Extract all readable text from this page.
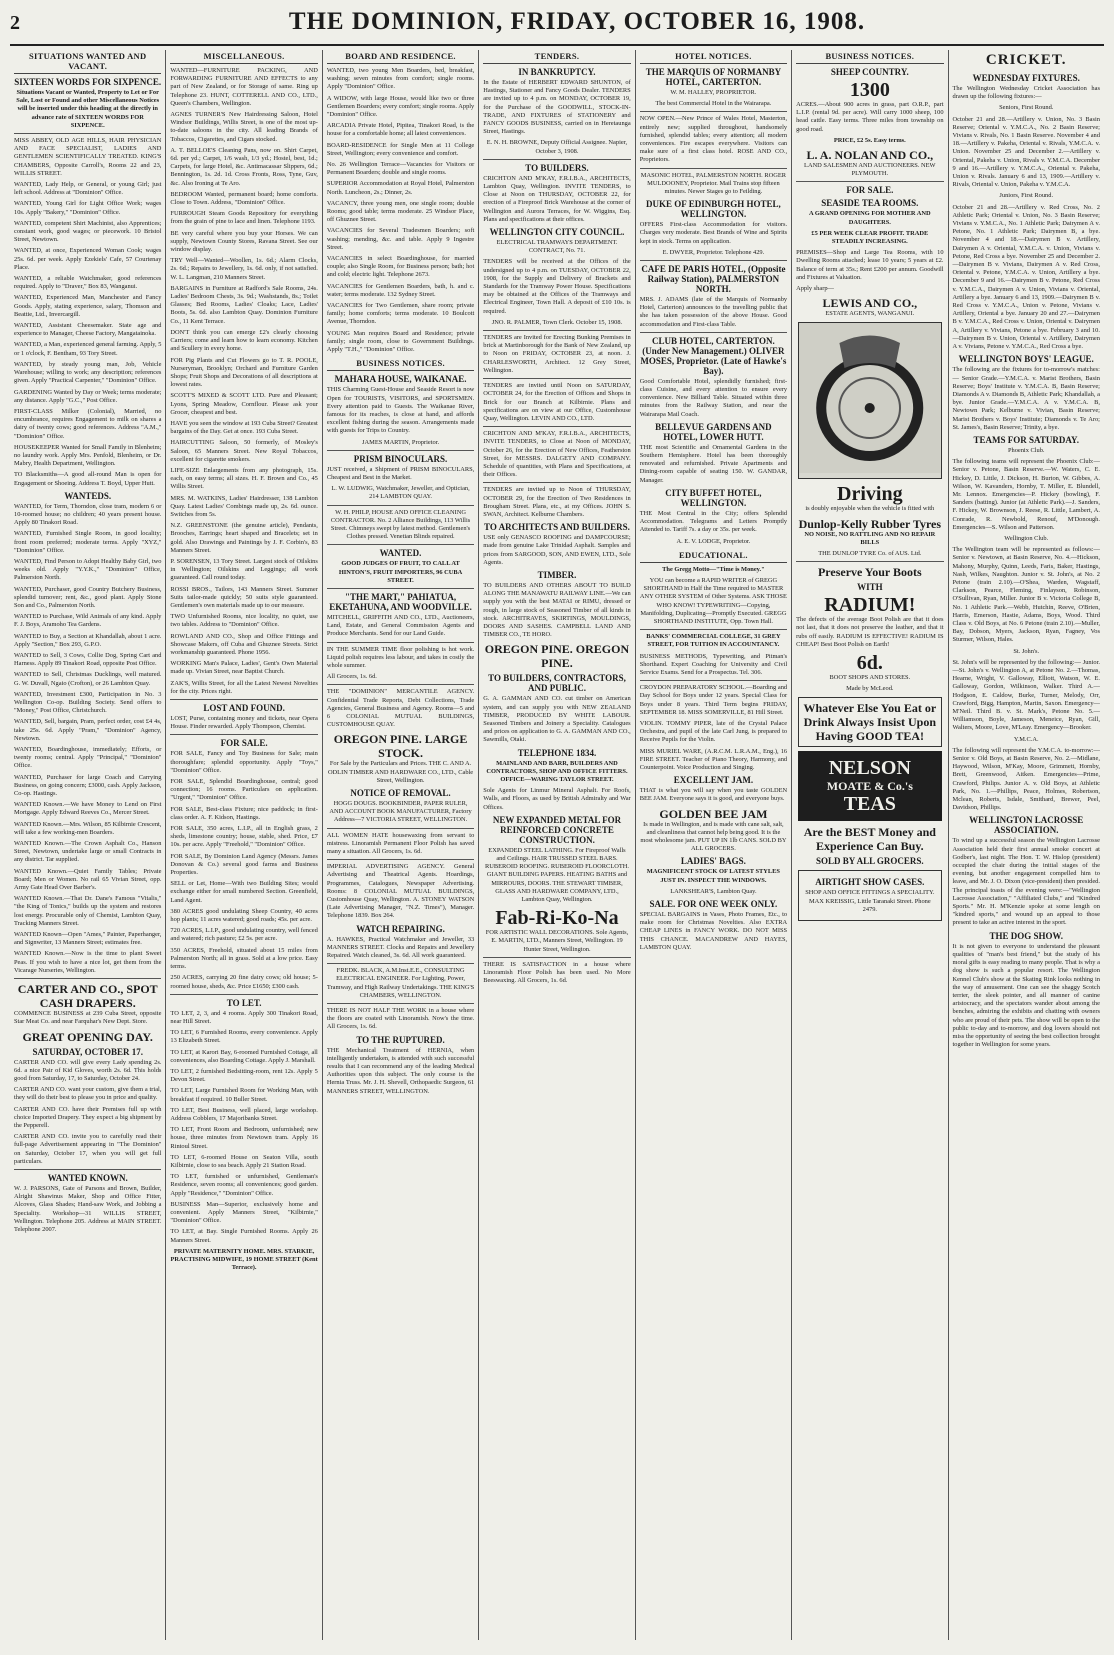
2	THE DOMINION, FRIDAY, OCTOBER 16, 1908.
SITUATIONS WANTED AND VACANT.
SIXTEEN WORDS FOR SIXPENCE.

Situations Vacant or Wanted, Property to Let or For Sale, Lost or Found and other Miscellaneous Notices will be inserted under this heading at the directly in advance rate of SIXTEEN WORDS FOR SIXPENCE.

MISS ABBEY, OLD AGE HILLS, HAIR PHYSICIAN AND FACE SPECIALIST, LADIES AND GENTLEMEN SCIENTIFICALLY TREATED. KING'S CHAMBERS, Opposite Carroll's, Rooms 22 and 23, WILLIS STREET.

WANTED, Lady Help, or General, or young Girl; just left school. Address at "Dominion" Office.

WANTED, Young Girl for Light Office Work; wages 10s. Apply "Bakery," "Dominion" Office.

WANTED, competent Shirt Machinist, also Apprentices; constant work, good wages; or piecework. 10 Bristol Street, Newtown.

WANTED, at once, Experienced Woman Cook; wages 25s. 6d. per week. Apply Ezekiels' Cafe, 57 Courtenay Place.

WANTED, a reliable Watchmaker, good references required. Apply to "Draver," Box 83, Wanganui.

WANTED, Experienced Man, Manchester and Fancy Goods. Apply, stating experience, salary, Thomson and Beattie, Ltd., Invercargill.

WANTED, Assistant Cheesemaker. State age and experience to Manager, Cheese Factory, Mangatainoka.

WANTED, a Man, experienced general farming. Apply, 5 or 1 o'clock, F. Bentham, 93 Tory Street.

WANTED, by steady young man, Job, Vehicle Warehouse; willing to work; any description; references given. Apply "Practical Carpenter," "Dominion" Office.

GARDENING Wanted by Day or Week; terms moderate; any distance. Apply "G.C.," Post Office.

FIRST-CLASS Milker (Colonial), Married, no encumbrance, requires Engagement to milk on shares a dairy of twenty cows; good references. Address "A.M.," "Dominion" Office.

HOUSEKEEPER Wanted for Small Family in Blenheim; no laundry work. Apply Mrs. Penfold, Blenheim, or Dr. Mabry, Health Department, Wellington.

TO Blacksmiths—A good all-round Man is open for Engagement or Shoeing. Address T. Boyd, Upper Hutt.

WANTEDS.

WANTED, for Term, Thorndon, close tram, modern 6 or 10-roomed house; no children; 40 years present house. Apply 80 Tinakori Road.

WANTED, Furnished Single Room, in good locality; front room preferred; moderate terms. Apply "XYZ," "Dominion" Office.

WANTED, Find Person to Adopt Healthy Baby Girl, two weeks old. Apply "Y.Y.K.," "Dominion" Office, Palmerston North.

WANTED, Purchaser, good Country Butchery Business, splendid turnover; rent, &c., good plant. Apply Stone Son and Co., Palmerston North.

WANTED to Purchase, Wild Animals of any kind. Apply F. J. Boys, Aramoho Tea Gardens.

WANTED to Buy, a Section at Khandallah, about 1 acre. Apply "Section," Box 293, G.P.O.

WANTED to Sell, 3 Cows, Collie Dog, Spring Cart and Harness. Apply 89 Tinakori Road, opposite Post Office.

WANTED to Sell, Christmas Ducklings, well matured. G. W. Duvall, Ngaio (Crofton), or 26 Lambton Quay.

WANTED, Investment £300, Participation in No. 3 Wellington Co-op. Building Society. Send offers to "Money," Post Office, Christchurch.

WANTED, Sell, bargain, Pram, perfect order, cost £4 4s, take 25s. 6d. Apply "Pram," "Dominion" Agency, Newtown.

WANTED, Boardinghouse, immediately; Efforts, or twenty rooms; central. Apply "Principal," "Dominion" Office.

WANTED, Purchaser for large Coach and Carrying Business, on going concern; £3000, cash. Apply Jackson, Co-op. Hastings.

WANTED Known.—We have Money to Lend on First Mortgage. Apply Edward Reeves Co., Mercer Street.

WANTED Known.—Mrs. Wilson, 85 Kilbirnie Crescent, will take a few working-men Boarders.

WANTED Known.—The Crown Asphalt Co., Hanson Street, Newtown, undertake large or small Contracts in any district. Tar supplied.

WANTED Known.—Quiet Family Tables; Private Board; Men or Women. No rail 65 Vivian Street, opp. Army Gate Head Over Barber's.

WANTED Known.—That Dr. Dane's Famous "Vitalis," "the King of Tonics," builds up the system and restores lost energy. Procurable only of Chemist, Lambton Quay, Tracking Manners Street.

WANTED Known—Open "Ames," Painter, Paperhanger, and Signwriter, 13 Manners Street; estimates free.

WANTED Known.—Now is the time to plant Sweet Peas. If you wish to have a nice lot, get them from the Vicarage Nurseries, Wellington.

CARTER AND CO., SPOT CASH DRAPERS.

COMMENCE BUSINESS at 239 Cuba Street, opposite Star Meat Co. and near Farquhar's New Dept. Store.

GREAT OPENING DAY.
SATURDAY, OCTOBER 17.

CARTER AND CO. will give every Lady spending 2s. 6d. a nice Pair of Kid Gloves, worth 2s. 6d. This holds good from Saturday, 17, to Saturday, October 24.

CARTER AND CO. want your custom, give them a trial, they will do their best to please you in price and quality.

CARTER AND CO. have their Premises full up with choice Imported Drapery. They expect a big shipment by the Pepperell.

CARTER AND CO. invite you to carefully read their full-page Advertisement appearing in "The Dominion" on Saturday, October 17, when you will get full particulars.

WANTED KNOWN.

W. J. PARSONS, Gate of Parsons and Brown, Builder, Alright Shawinus Maker, Shop and Office Fitter, Alcoves, Glass Shades; Hand-saw Work, and Jobbing a Speciality. Workshop—31 WILLIS STREET, Wellington. Telephone 205. Address at MAIN STREET. Telephone 2007.

MISCELLANEOUS.

WANTED—FURNITURE PACKING, AND FORWARDING FURNITURE AND EFFECTS to any part of New Zealand, or for Storage of same. Ring up Telephone 23. HUNT, COTTERELL AND CO., LTD., Queen's Chambers, Wellington.

AGNES TURNER'S New Hairdressing Saloon, Hotel Windsor Buildings, Willis Street, is one of the most up-to-date saloons in the city. All leading Brands of Tobaccos, Cigarettes, and Cigars stocked.

A. T. BELLOE'S Cleaning Pans, now on. Shirt Carpet, 6d. per yd.; Carpet, 1/6 wash, 1/3 yd.; Hostel, best, 1d.; Carpets, for large Hotel, &c. Antimacassar Slippers, 6d.; Bennington, 1s. 2d. 1d. Cross Fronts, Ross, Tyne, Guv, &c. Also Ironing at Te Aro.

BEDROOM Wanted, permanent board; home comforts. Close to Town. Address, "Dominion" Office.

FURROUGH Steam Goods Repository for everything from the grain of pine to lace and linen. Telephone 1193.

BE very careful where you buy your Horses. We can supply, Newtown County Stores, Ravana Street. See our window display.

TRY Well—Wanted—Woollen, 1s. 6d.; Alarm Clocks, 2s. 6d.; Repairs to Jewellery, 1s. 6d. only, if not satisfied. W. L. Langman, 210 Manners Street.

BARGAINS in Furniture at Radford's Sale Rooms, 24s. Ladies' Bedroom Chests, 3s. 9d.; Washstands, 8s.; Toilet Glasses; Bed Rooms, Ladies' Cloaks; Lace, Ladies' Boots, 5s. 6d. also Lambton Quay. Dominion Furniture Co., 11 Kent Terrace.

DON'T think you can emerge £2's clearly choosing Carriers; come and learn how to learn economy. Kitchen and Scullery in every home.

FOR Pig Plants and Cut Flowers go to T. R. POOLE, Nurseryman, Brooklyn; Orchard and Furniture Garden Shops; Fruit Shops and Decorations of all descriptions at lowest rates.

SCOTT'S MIXED & SCOTT LTD. Pure and Pleasant; Lyons, Spring Meadow, Cornflour. Please ask your Grocer, cheapest and best.

HAVE you seen the window at 193 Cuba Street? Greatest bargains of the Day. Get at once. 193 Cuba Street.

HAIRCUTTING Saloon, 50 formerly, of Mosley's Saloon, 65 Manners Street. New Royal Tobaccos, excellent for cigarette smokers.

LIFE-SIZE Enlargements from any photograph, 15s. each, on easy terms; all sizes. H. F. Brown and Co., 45 Willis Street.

MRS. M. WATKINS, Ladies' Hairdresser, 138 Lambton Quay. Latest Ladies' Combings made up, 2s. 6d. ounce. Switches from 5s.

N.Z. GREENSTONE (the genuine article), Pendants, Brooches, Earrings; heart shaped and Bracelets; set in gold. Also Drawings and Paintings by J. F. Corbin's, 83 Manners Street.

P. SORENSEN, 13 Tory Street. Largest stock of Oilskins in Wellington; Oilskins and Leggings; all work guaranteed. Call round today.

ROSSI BROS., Tailors, 143 Manners Street. Summer Suits tailor-made quickly; 50 suits style guaranteed. Gentlemen's own materials made up to our measure.

TWO Unfurnished Rooms, nice locality, no quiet, use two tables. Address to "Dominion" Office.

ROWLAND AND CO., Shop and Office Fittings and Showcase Makers, off Cuba and Ghuznee Streets. Strict workmanship guaranteed. Phone 1956.

WORKING Man's Palace, Ladies', Gent's Own Material made up. Vivian Street, near Baptist Church.

ZAK'S, Willis Street, for all the Latest Newest Novelties for the city. Prices right.

LOST AND FOUND.

LOST, Purse, containing money and tickets, near Opera House. Finder rewarded. Apply Thompson, Chemist.

FOR SALE.

FOR SALE, Fancy and Toy Business for Sale; main thoroughfare; splendid opportunity. Apply "Toys," "Dominion" Office.

FOR SALE, Splendid Boardinghouse, central; good connection; 16 rooms. Particulars on application. "Urgent," "Dominion" Office.

FOR SALE, Best-class Fixture; nice paddock; in first-class order. A. F. Kidson, Hastings.

FOR SALE, 350 acres, L.I.P., all in English grass, 2 sheds, limestone country; house, stable, shed. Price, £7 10s. per acre. Apply "Freehold," "Dominion" Office.

FOR SALE, By Dominion Land Agency (Messrs. James Donovan & Co.) several good farms and Business Properties.

SELL or Let, Home—With two Building Sites; would exchange either for small numbered Section. Greenfield, Land Agent.

380 ACRES good undulating Sheep Country, 40 acres hop plants; 11 acres watered; good roads; 45s. per acre.

720 ACRES, L.I.P., good undulating country, well fenced and watered; rich pasture; £2 5s. per acre.

350 ACRES, Freehold, situated about 15 miles from Palmerston North; all in grass. Sold at a low price. Easy terms.

250 ACRES, carrying 20 fine dairy cows; old house; 5-roomed house, sheds, &c. Price £1650; £300 cash.

TO LET.

TO LET, 2, 3, and 4 rooms. Apply 300 Tinakori Road, near Hill Street.

TO LET, 6 Furnished Rooms, every convenience. Apply 13 Elizabeth Street.

TO LET, at Karori Bay, 6-roomed Furnished Cottage, all conveniences, also Boarding Cottage. Apply J. Marshall.

TO LET, 2 furnished Bedsitting-room, rent 12s. Apply 5 Devon Street.

TO LET, Large Furnished Room for Working Man, with breakfast if required. 10 Buller Street.

TO LET, Best Business, well placed, large workshop. Address Cobblers, 17 Majoribanks Street.

TO LET, Front Room and Bedroom, unfurnished; new house, three minutes from Newtown tram. Apply 16 Rintoul Street.

TO LET, 6-roomed House on Seaton Villa, south Kilbirnie, close to sea beach. Apply 21 Station Road.

TO LET, furnished or unfurnished, Gentleman's Residence, seven rooms; all conveniences; good garden. Apply "Residence," "Dominion" Office.

BUSINESS Man—Superior, exclusively home and convenient. Apply Manners Street, "Kilbirnie," "Dominion" Office.

TO LET, at Bay. Single Furnished Rooms. Apply 26 Manners Street.

PRIVATE MATERNITY HOME. MRS. STARKIE, PRACTISING MIDWIFE, 19 HOME STREET (Kent Terrace).

BOARD AND RESIDENCE.

WANTED, two young Men Boarders, bed, breakfast, washing; seven minutes from comfort; single rooms. Apply "Dominion" Office.

A WIDOW, with large House, would like two or three Gentlemen Boarders; every comfort; single rooms. Apply "Dominion" Office.

ARCADIA Private Hotel, Pipitea, Tinakori Road, is the house for a comfortable home; all latest conveniences.

BOARD-RESIDENCE for Single Men at 11 College Street, Wellington; every convenience and comfort.

No. 26 Wellington Terrace—Vacancies for Visitors or Permanent Boarders; double and single rooms.

SUPERIOR Accommodation at Royal Hotel, Palmerston North. Luncheon, 2s.; Dinner, 2s.

VACANCY, three young men, one single room; double Rooms; good table; terms moderate. 25 Windsor Place, off Ghuznee Street.

VACANCIES for Several Tradesmen Boarders; soft washing; mending, &c. and table. Apply 9 Ingestre Street.

VACANCIES in select Boardinghouse, for married couple; also Single Room, for Business person; bath; hot and cold; electric light. Telephone 2673.

VACANCIES for Gentlemen Boarders, bath, h. and c. water; terms moderate. 132 Sydney Street.

VACANCIES for Two Gentlemen, share room; private family; home comforts; terms moderate. 10 Boulcott Avenue, Thorndon.

YOUNG Man requires Board and Residence; private family; single room, close to Government Buildings. Apply "T.H.," "Dominion" Office.

BUSINESS NOTICES.
MAHARA HOUSE, WAIKANAE.

THIS Charming Guest-House and Seaside Resort is now Open for TOURISTS, VISITORS, and SPORTSMEN. Every attention paid to Guests. The Waikanae River, famous for its reaches, is close at hand, and affords excellent fishing during the season. Arrangements made with guests for Trips to Country.

JAMES MARTIN, Proprietor.

PRISM BINOCULARS.

JUST received, a Shipment of PRISM BINOCULARS, Cheapest and Best in the Market.

L. W. LUDWIG, Watchmaker, Jeweller, and Optician, 214 LAMBTON QUAY.

W. H. PHILP, HOUSE AND OFFICE CLEANING CONTRACTOR. No. 2 Alliance Buildings, 113 Willis Street. Chimneys swept by latest method. Gentlemen's Clothes pressed. Venetian Blinds repaired.

WANTED.

GOOD JUDGES OF FRUIT, TO CALL AT HINTON'S, FRUIT IMPORTERS, 96 CUBA STREET.

"THE MART," PAHIATUA, EKETAHUNA, AND WOODVILLE.

MITCHELL, GRIFFITH AND CO., LTD., Auctioneers, Land, Estate, and General Commission Agents and Produce Merchants. Send for our Land Guide.

IN THE SUMMER TIME floor polishing is hot work. Liquid polish requires less labour, and takes in costly the whole summer.

All Grocers, 1s. 6d.

THE "DOMINION" MERCANTILE AGENCY. Confidential Trade Reports, Debt Collections, Trade Agencies, General Business and Agency. Rooms—5 and 6 COLONIAL MUTUAL BUILDINGS, CUSTOMHOUSE QUAY.

OREGON PINE. LARGE STOCK.

For Sale by the Particulars and Prices. THE C. AND A. ODLIN TIMBER AND HARDWARE CO., LTD., Cable Street, Wellington.

NOTICE OF REMOVAL.

HOGG DOUGS. BOOKBINDER, PAPER RULER, AND ACCOUNT BOOK MANUFACTURER, Factory Address—7 VICTORIA STREET, WELLINGTON.

ALL WOMEN HATE housewaxing from servant to mistress. Linoramish Permanent Floor Polish has saved many a situation. All Grocers, 1s. 6d.

IMPERIAL ADVERTISING AGENCY. General Advertising and Theatrical Agents. Hoardings, Programmes, Catalogues, Newspaper Advertising. Rooms: 8 COLONIAL MUTUAL BUILDINGS, Customhouse Quay, Wellington. A. STONEY WATSON (Late Advertising Manager, "N.Z. Times"), Manager. Telephone 1839. Box 264.

WATCH REPAIRING.

A. HAWKES, Practical Watchmaker and Jeweller, 33 MANNERS STREET. Clocks and Repairs and Jewellery Repaired. Watch cleaned, 3s. 6d. All work guaranteed.

FREDK. BLACK, A.M.Inst.E.E., CONSULTING ELECTRICAL ENGINEER. For Lighting, Power, Tramway, and High Railway Undertakings. THE KING'S CHAMBERS, WELLINGTON.

THERE IS NOT HALF THE WORK in a house where the floors are coated with Linoramish. Now's the time. All Grocers, 1s. 6d.

TO THE RUPTURED.

THE Mechanical Treatment of HERNIA, when intelligently undertaken, is attended with such successful results that I can recommend any of the leading Medical Authorities upon this subject. The only course is the Hernia Truss. Mr. J. H. Shevell, Orthopaedic Surgeon, 61 MANNERS STREET, WELLINGTON.

TENDERS.
IN BANKRUPTCY.

In the Estate of HERBERT EDWARD SHUNTON, of Hastings, Stationer and Fancy Goods Dealer. TENDERS are invited up to 4 p.m. on MONDAY, OCTOBER 19, for the Purchase of the GOODWILL, STOCK-IN-TRADE, AND FIXTURES of STATIONERY and FANCY GOODS BUSINESS, carried on in Heretaunga Street, Hastings.

E. N. H. BROWNE, Deputy Official Assignee. Napier, October 3, 1908.

TO BUILDERS.

CRICHTON AND M'KAY, F.R.I.B.A., ARCHITECTS, Lambton Quay, Wellington. INVITE TENDERS, to Close at Noon on THURSDAY, OCTOBER 22, for erection of a Fireproof Brick Warehouse at the corner of Wellington and Aurora Terraces, for W. Wiggins, Esq. Plans and specifications at their offices.

WELLINGTON CITY COUNCIL.

ELECTRICAL TRAMWAYS DEPARTMENT. CONTRACT, No. 71.

TENDERS will be received at the Offices of the undersigned up to 4 p.m. on TUESDAY, OCTOBER 22, 1908, for the Supply and Delivery of Brackets and Standards for the Tramway Power House. Specifications may be obtained at the Offices of the Tramways and Electrical Engineer, Town Hall. A deposit of £10 10s. is required.

JNO. R. PALMER, Town Clerk. October 15, 1908.

TENDERS are Invited for Erecting Bunking Premises in brick at Martinborough for the Bank of New Zealand, up to Noon on FRIDAY, OCTOBER 23, at noon. J. CHARLESWORTH, Architect. 12 Grey Street, Wellington.

TENDERS are invited until Noon on SATURDAY, OCTOBER 24, for the Erection of Offices and Shops in Brick for our Branch at Kilbirnie. Plans and specifications are on view at our Office, Customhouse Quay, Wellington. LEVIN AND CO., LTD.

CRICHTON AND M'KAY, F.R.I.B.A., ARCHITECTS, INVITE TENDERS, to Close at Noon of MONDAY, October 26, for the Erection of New Offices, Featherston Street, for MESSRS. DALGETY AND COMPANY. Schedule of quantities, with Plans and Specifications, at their Offices.

TENDERS are invited up to Noon of THURSDAY, OCTOBER 29, for the Erection of Two Residences in Brougham Street. Plans, etc., at my Offices. JOHN S. SWAN, Architect. Kelburne Chambers.

TO ARCHITECTS AND BUILDERS.

USE only GENASCO ROOFING and DAMPCOURSE; made from genuine Lake Trinidad Asphalt. Samples and prices from SARGOOD, SON, AND EWEN, LTD., Sole Agents.

TIMBER.

TO BUILDERS AND OTHERS ABOUT TO BUILD ALONG THE MANAWATU RAILWAY LINE.—We can supply you with the best MATAI or RIMU, dressed or rough, in large stock of Seasoned Timber of all kinds in stock. ARCHITRAVES, SKIRTINGS, MOULDINGS, DOORS AND SASHES. CAMPBELL LAND AND TIMBER CO., TE HORO.

OREGON PINE. OREGON PINE.
TO BUILDERS, CONTRACTORS, AND PUBLIC.

G. A. GAMMAN AND CO. cut timber on American system, and can supply you with NEW ZEALAND TIMBER, PRODUCED BY WHITE LABOUR. Seasoned Timbers and Joinery a Speciality. Catalogues and prices on application to G. A. GAMMAN AND CO., Sawmills, Otaki.

TELEPHONE 1834.

MAINLAND AND BARR, BUILDERS AND CONTRACTORS, SHOP AND OFFICE FITTERS. OFFICE—WARING TAYLOR STREET.

Sole Agents for Linmur Mineral Asphalt. For Roofs, Walls, and Floors, as used by British Admiralty and War Offices.

NEW EXPANDED METAL FOR REINFORCED CONCRETE CONSTRUCTION.

EXPANDED STEEL LATHING. For Fireproof Walls and Ceilings. HAIR TRUSSED STEEL BARS. RUBEROID ROOFING. RUBEROID FLOORCLOTH. GIANT BUILDING PAPERS. HEATING BATHS and MIRROURS, DOORS. THE STEWART TIMBER, GLASS AND HARDWARE COMPANY, LTD., Lambton Quay, Wellington.

Fab-Ri-Ko-Na

FOR ARTISTIC WALL DECORATIONS. Sole Agents, E. MARTIN, LTD., Manners Street, Wellington. 19 Hunter Street, Wellington.

THERE IS SATISFACTION in a house where Linoramish Floor Polish has been used. No More Beeswaxing. All Grocers, 1s. 6d.

HOTEL NOTICES.
THE MARQUIS OF NORMANBY HOTEL, CARTERTON.

W. M. HALLEY, PROPRIETOR.

The best Commercial Hotel in the Wairarapa.

NOW OPEN.—New Prince of Wales Hotel, Masterton, entirely new; supplied throughout, handsomely furnished, splendid tables; every attention; all modern conveniences. Fire escapes everywhere. Visitors can make sure of a first class hotel. ROSE AND CO., Proprietors.

MASONIC HOTEL, PALMERSTON NORTH. ROGER MULDOONEY, Proprietor. Mail Trains stop fifteen minutes. Newer Stages go to Feilding.

DUKE OF EDINBURGH HOTEL, WELLINGTON.

OFFERS First-class Accommodation for visitors. Charges very moderate. Best Brands of Wine and Spirits kept in stock. Terms on application.

E. DWYER, Proprietor. Telephone 429.

CAFE DE PARIS HOTEL, (Opposite Railway Station), PALMERSTON NORTH.

MRS. J. ADAMS (late of the Marquis of Normanby Hotel, Carterton) announces to the travelling public that she has taken possession of the above House. Good accommodation and First-class Table.

CLUB HOTEL, CARTERTON. (Under New Management.) OLIVER MOSES, Proprietor. (Late of Hawke's Bay).

Good Comfortable Hotel, splendidly furnished; first-class Cuisine, and every attention to ensure every convenience. New Billiard Table. Situated within three minutes from the Railway Station, and near the Wairarapa Mail Coach.

BELLEVUE GARDENS AND HOTEL, LOWER HUTT.

THE most Scientific and Ornamental Gardens in the Southern Hemisphere. Hotel has been thoroughly renovated and refurnished. Private Apartments and Dining-room capable of seating 150. W. GANDAR, Manager.

CITY BUFFET HOTEL, WELLINGTON.

THE Most Central in the City; offers Splendid Accommodation. Telegrams and Letters Promptly Attended to. Tariff 7s. a day or 35s. per week.

A. E. V. LODGE, Proprietor.

EDUCATIONAL.

The Gregg Motto—"Time is Money."

YOU can become a RAPID WRITER of GREGG SHORTHAND in Half the Time required to MASTER ANY OTHER SYSTEM of Other Systems. ASK THOSE WHO KNOW! TYPEWRITING—Copying, Manifolding, Duplicating—Promptly Executed. GREGG SHORTHAND INSTITUTE, Opp. Town Hall.

BANKS' COMMERCIAL COLLEGE, 31 GREY STREET, FOR TUITION IN ACCOUNTANCY.

BUSINESS METHODS, Typewriting, and Pitman's Shorthand. Expert Coaching for University and Civil Service Exams. Send for a Prospectus. Tel. 306.

CROYDON PREPARATORY SCHOOL.—Boarding and Day School for Boys under 12 years. Special Class for Boys under 8 years. Third Term begins FRIDAY, SEPTEMBER 18. MISS SOMERVILLE, 81 Hill Street.

VIOLIN. TOMMY PIPER, late of the Crystal Palace Orchestra, and pupil of the late Carl Jung, is prepared to Receive Pupils for the Violin.

MISS MURIEL WARE, (A.R.C.M. L.R.A.M., Eng.), 16 FIRE STREET. Teacher of Piano Theory, Harmony, and Counterpoint. Voice Production and Singing.

EXCELLENT JAM.

THAT is what you will say when you taste GOLDEN BEE JAM. Everyone says it is good, and everyone buys.

GOLDEN BEE JAM

Is made in Wellington, and is made with cane salt, salt, and cleanliness that cannot help being good. It is the most wholesome jam. PUT UP IN 1lb CANS. SOLD BY ALL GROCERS.

LADIES' BAGS.

MAGNIFICENT STOCK OF LATEST STYLES JUST IN. INSPECT THE WINDOWS.

LANKSHEAR'S, Lambton Quay.

SALE. FOR ONE WEEK ONLY.

SPECIAL BARGAINS in Vases, Photo Frames, Etc., to make room for Christmas Novelties. Also EXTRA CHEAP LINES in FANCY WORK. DO NOT MISS THIS CHANCE. MACANDREW AND HAYES, LAMBTON QUAY.

BUSINESS NOTICES.
SHEEP COUNTRY.
1300

ACRES.—About 900 acres in grass, part O.R.P., part L.I.P. (rental 9d. per acre). Will carry 1000 sheep, 100 head cattle. Easy terms. Three miles from township on good road.

PRICE, £2 5s. Easy terms.

L. A. NOLAN AND CO.,

LAND SALESMEN AND AUCTIONEERS. NEW PLYMOUTH.

FOR SALE.
SEASIDE TEA ROOMS.

A GRAND OPENING FOR MOTHER AND DAUGHTERS.

£5 PER WEEK CLEAR PROFIT. TRADE STEADILY INCREASING.

PREMISES—Shop and Large Tea Rooms, with 10 Dwelling Rooms attached; lease 10 years; 5 years at £2. Balance of term at 35s.; Rent £200 per annum. Goodwill and Fixtures at Valuation.

Apply sharp—

LEWIS AND CO.,

ESTATE AGENTS, WANGANUI.

Driving

is doubly enjoyable when the vehicle is fitted with

Dunlop-Kelly Rubber Tyres

NO NOISE, NO RATTLING AND NO REPAIR BILLS

THE DUNLOP TYRE Co. of AUS. Ltd.

Preserve Your Boots
WITH
RADIUM!

The defects of the average Boot Polish are that it does not last, that it does not preserve the leather, and that it rubs off easily. RADIUM IS EFFECTIVE! RADIUM IS CHEAP! Best Boot Polish on Earth!

6d.

BOOT SHOPS AND STORES.

Made by McLeod.

Whatever Else You Eat or Drink Always Insist Upon Having GOOD TEA!
NELSON
MOATE & Co.'s
TEAS
Are the BEST Money and Experience Can Buy.
SOLD BY ALL GROCERS.
AIRTIGHT SHOW CASES.

SHOP AND OFFICE FITTINGS A SPECIALITY. MAX KREISSIG, Little Taranaki Street. Phone 2479.

CRICKET.
WEDNESDAY FIXTURES.

The Wellington Wednesday Cricket Association has drawn up the following fixtures:—

Seniors, First Round.

October 21 and 28.—Artillery v. Union, No. 3 Basin Reserve; Oriental v. Y.M.C.A., No. 2 Basin Reserve; Vivians v. Rivals, No. 1 Basin Reserve. November 4 and 18.—Artillery v. Pakeha, Oriental v. Rivals, Y.M.C.A. v. Union. November 25 and December 2.—Artillery v. Oriental, Pakeha v. Union, Rivals v. Y.M.C.A. December 9 and 16.—Artillery v. Y.M.C.A., Oriental v. Pakeha, Union v. Rivals. January 6 and 13, 1909.—Artillery v. Rivals, Oriental v. Union, Pakeha v. Y.M.C.A.

Juniors, First Round.

October 21 and 28.—Artillery v. Red Cross, No. 2 Athletic Park; Oriental v. Union, No. 3 Basin Reserve; Vivians v. Y.M.C.A., No. 1 Athletic Park; Dairymen A v. Petone, No. 1 Athletic Park; Dairymen B, a bye. November 4 and 18.—Dairymen B v. Artillery, Dairymen A v. Oriental, Y.M.C.A. v. Union, Vivians v. Petone, Red Cross a bye. November 25 and December 2.—Dairymen B v. Vivians, Dairymen A v. Red Cross, Oriental v. Petone, Y.M.C.A. v. Union, Artillery a bye. December 9 and 16.—Dairymen B v. Petone, Red Cross v. Y.M.C.A., Dairymen A v. Union, Vivians v. Oriental, Artillery a bye. January 6 and 13, 1909.—Dairymen B v. Red Cross v. Y.M.C.A., Union v. Petone, Vivians v. Artillery, Oriental a bye. January 20 and 27.—Dairymen B v. Y.M.C.A., Red Cross v. Union, Oriental v. Dairymen A, Artillery v. Vivians, Petone a bye. February 3 and 10.—Dairymen B v. Union, Oriental v. Artillery, Dairymen A v. Vivians, Petone v. Y.M.C.A., Red Cross a bye.

WELLINGTON BOYS' LEAGUE.

The following are the fixtures for to-morrow's matches:— Senior Grade.—Y.M.C.A. v. Marist Brothers, Basin Reserve; Boys' Institute v. Y.M.C.A. B, Basin Reserve; Diamonds A v. Diamonds B, Athletic Park; Khandallah, a bye. Junior Grade.—Y.M.C.A. A v. Y.M.C.A. B, Newtown Park; Kelburne v. Vivian, Basin Reserve; Marist Brothers v. Boys' Institute; Diamonds v. Te Aro; St. James's, Basin Reserve; Trinity, a bye.

TEAMS FOR SATURDAY.

Phoenix Club.

The following teams will represent the Phoenix Club:— Senior v. Petone, Basin Reserve.—W. Waters, C. E. Hickey, D. Little, J. Dickson, H. Burton, W. Gibbes, A. Wilson, W. Kavanders, Hornby, T. Miller, E. Blundell, Mr. Lennox. Emergencies—P. Hickey (bowling), F. Sanders (batting). Junior (at Athletic Park).—J. Sanders, F. Hickey, W. Brownson, J. Reese, R. Little, Lambert, A. Conrade, R. Newbold, Renouf, M'Donough. Emergencies—S. Wilson and Patterson.

Wellington Club.

The Wellington team will be represented as follows:— Senior v. Newtown, at Basin Reserve, No. 4.—Hickson, Mahony, Murphy, Quinn, Leeds, Faris, Baker, Hastings, Nash, Wilkes, Naughton. Junior v. St. John's, at No. 2 Petone (train 2.10).—O'Shea, Warden, Wagstaff, Clarkson, Pearce, Fleming, Finlayson, Robinson, O'Sullivan, Ryan, Miller. Junior B v. Victoria College B, No. 1 Athletic Park.—Webb, Hutchin, Reeve, O'Brien, Harris, Emerson, Hastie, Adams, Boys, Wood. Third Class v. Old Boys, at No. 6 Petone (train 2.10).—Muller, Bay, Dobson, Myers, Jackson, Ryan, Fagney, Vos Sturmer, Wilson, Hales.

St. John's.

St. John's will be represented by the following:— Junior.—St. John's v. Wellington A, at Petone No. 2.—Thomas, Hearne, Wright, V. Galloway, Elliott, Watson, W. E. Galloway, Gordon, Wilkinson, Walker. Third A.—Hodgson, E. Caldow, Burke, Turner, Melody, Orr, Crawford, Bigg, Hampton, Martin, Saxon. Emergency—M'Neil. Third B. v. St. Mark's, Petone No. 5.—Williamson, Boyle, Jameson, Meneice, Ryan, Gill, Walters, Moore, Love, M'Leay. Emergency—Brooker.

Y.M.C.A.

The following will represent the Y.M.C.A. to-morrow:— Senior v. Old Boys, at Basin Reserve, No. 2.—Midlane, Haywood, Wilson, M'Kay, Moore, Grimmett, Hornby, Brett, Greenwood, Aitken. Emergencies—Prime, Crawford, Philips. Junior A. v. Old Boys, at Athletic Park, No. 1.—Phillips, Peace, Holmes, Robertson, Mclean, Roberts, Isdale, Smithard, Brewer, Peel, Davidson, Phillips.

WELLINGTON LACROSSE ASSOCIATION.

To wind up a successful season the Wellington Lacrosse Association held their first annual smoke concert at Godber's, last night. The Hon. T. W. Hislop (president) occupied the chair during the initial stages of the evening, but another engagement compelled him to leave, and Mr. J. O. Dixon (vice-president) then presided. The principal toasts of the evening were:—"Wellington Lacrosse Association," "Affiliated Clubs," and "Kindred Sports." Mr. H. M'Kenzie spoke at some length on "kindred sports," and wound up an appeal to those present to take an active interest in the sport.

THE DOG SHOW.

It is not given to everyone to understand the pleasant qualities of "man's best friend," but the study of his moral gifts is easy reading to many people. That is why a dog show is such a popular resort. The Wellington Kennel Club's show at the Skating Rink looks nothing in the way of amusement. One can see the shaggy Scotch terrier, the sleek pointer, and all manner of canine aristocracy, and the spectators wander about among the benches, admiring the exhibits and chatting with owners who are proud of their pets. The show will be open to the public to-day and to-morrow, and dog lovers should not miss the opportunity of seeing the best collection brought together in Wellington for some years.
